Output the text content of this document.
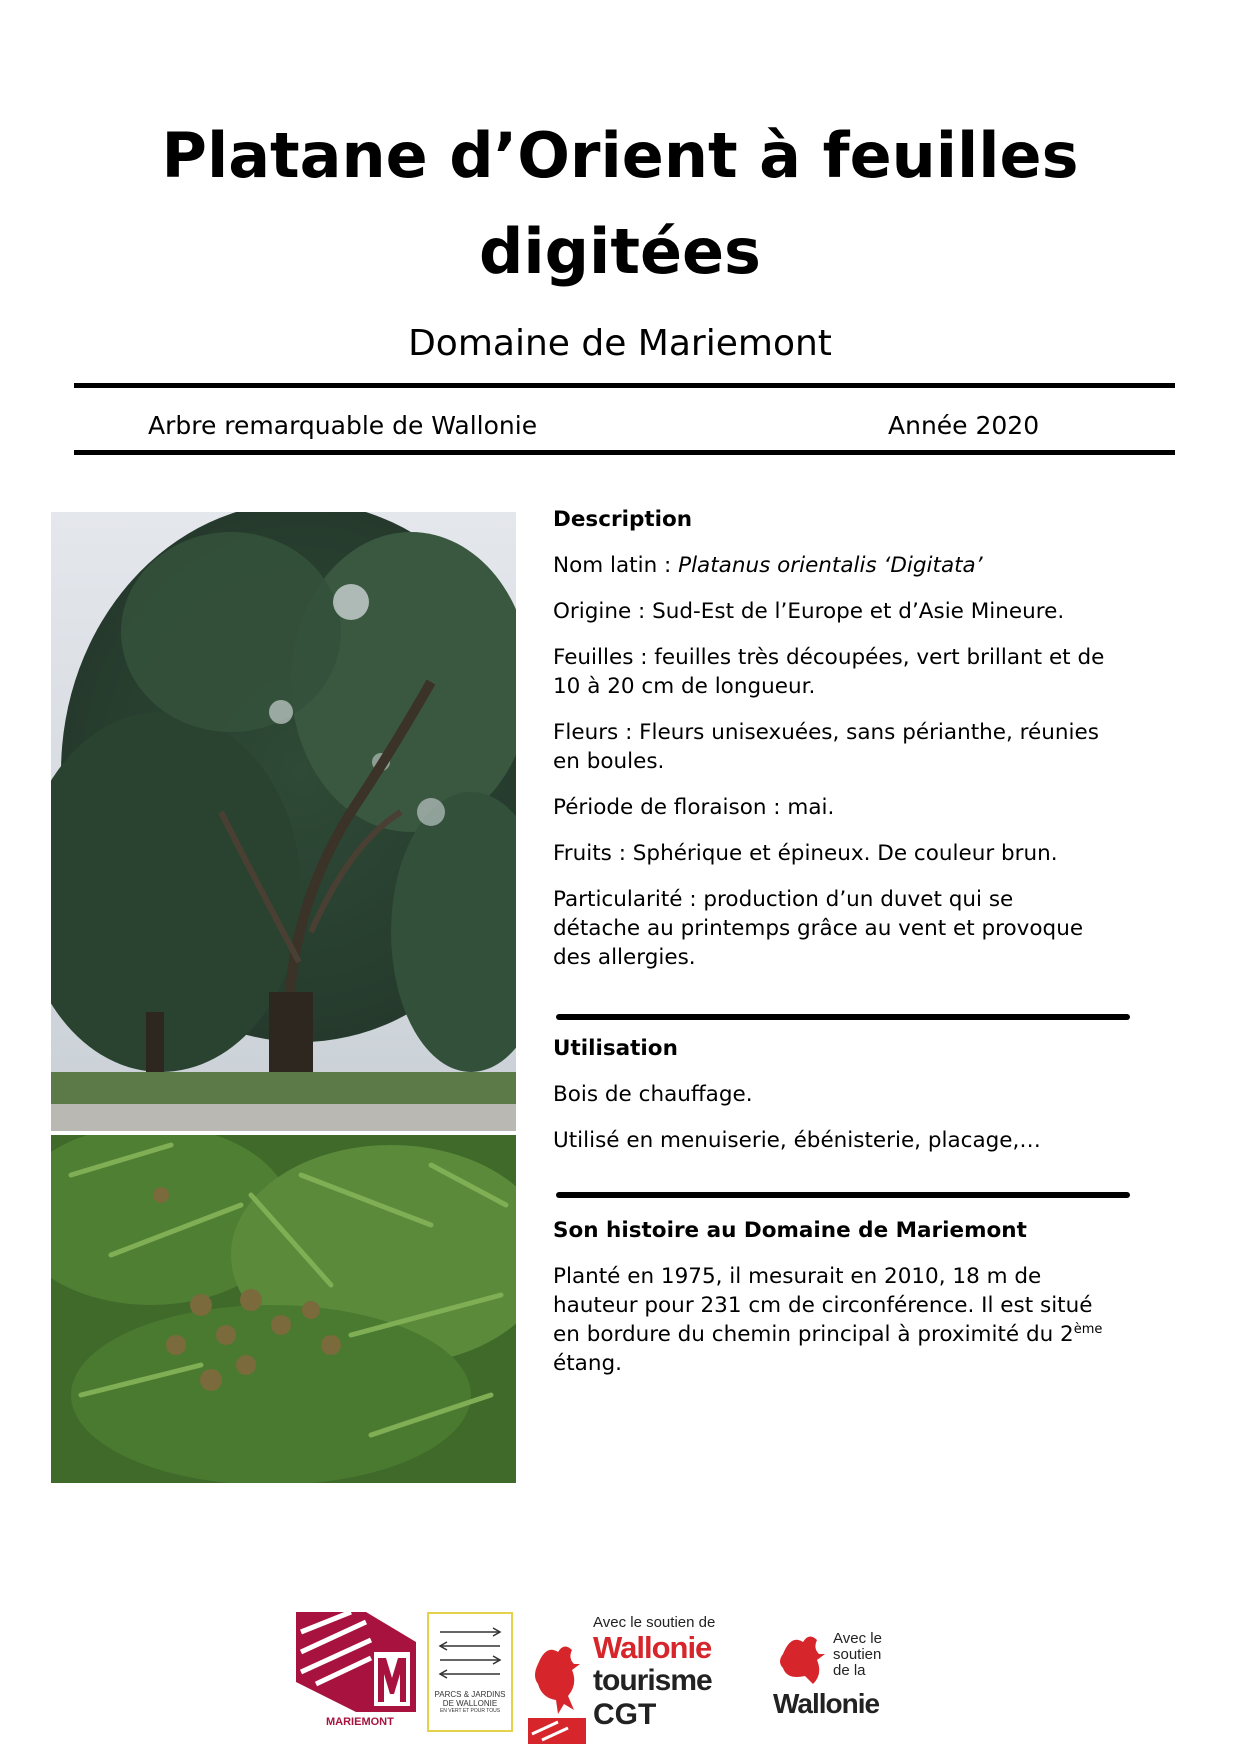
Platane d’Orient à feuilles digitées
Domaine de Mariemont
Arbre remarquable de Wallonie	Année 2020
Description

Nom latin : Platanus orientalis ‘Digitata’

Origine : Sud-Est de l’Europe et d’Asie Mineure.

Feuilles : feuilles très découpées, vert brillant et de 10 à 20 cm de longueur.

Fleurs : Fleurs unisexuées, sans périanthe, réunies en boules.

Période de floraison : mai.

Fruits : Sphérique et épineux. De couleur brun.

Particularité : production d’un duvet qui se détache au printemps grâce au vent et provoque des allergies.

Utilisation

Bois de chauffage.

Utilisé en menuiserie, ébénisterie, placage,…

Son histoire au Domaine de Mariemont

Planté en 1975, il mesurait en 2010, 18 m de hauteur pour 231 cm de circonférence. Il est situé en bordure du chemin principal à proximité du 2ème étang.

MARIEMONT
PARCS & JARDINS
DE WALLONIE
EN VERT ET POUR TOUS
Avec le soutien de
Wallonie
tourisme
CGT
Avec le
soutien
de la
Wallonie
